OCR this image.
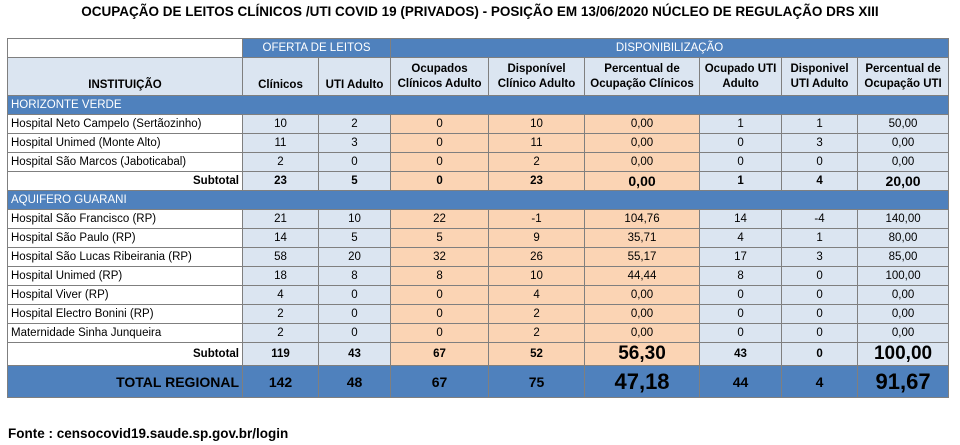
OCUPAÇÃO DE LEITOS CLÍNICOS /UTI COVID 19 (PRIVADOS) - POSIÇÃO EM 13/06/2020 NÚCLEO DE REGULAÇÃO DRS XIII
	OFERTA DE LEITOS		DISPONIBILIZAÇÃO					
INSTITUIÇÃO	Clínicos	UTI Adulto	Ocupados Clínicos Adulto	Disponível Clínico Adulto	Percentual de Ocupação Clínicos	Ocupado UTI Adulto	Disponivel UTI Adulto	Percentual de Ocupação UTI
HORIZONTE VERDE								
Hospital Neto Campelo (Sertãozinho)	10	2	0	10	0,00	1	1	50,00
Hospital Unimed (Monte Alto)	11	3	0	11	0,00	0	3	0,00
Hospital São Marcos (Jaboticabal)	2	0	0	2	0,00	0	0	0,00
Subtotal	23	5	0	23	0,00	1	4	20,00
AQUIFERO GUARANI								
Hospital São Francisco (RP)	21	10	22	-1	104,76	14	-4	140,00
Hospital São Paulo (RP)	14	5	5	9	35,71	4	1	80,00
Hospital São Lucas Ribeirania (RP)	58	20	32	26	55,17	17	3	85,00
Hospital Unimed (RP)	18	8	8	10	44,44	8	0	100,00
Hospital Viver (RP)	4	0	0	4	0,00	0	0	0,00
Hospital Electro Bonini (RP)	2	0	0	2	0,00	0	0	0,00
Maternidade Sinha Junqueira	2	0	0	2	0,00	0	0	0,00
Subtotal	119	43	67	52	56,30	43	0	100,00
TOTAL REGIONAL	142	48	67	75	47,18	44	4	91,67
Fonte : censocovid19.saude.sp.gov.br/login
